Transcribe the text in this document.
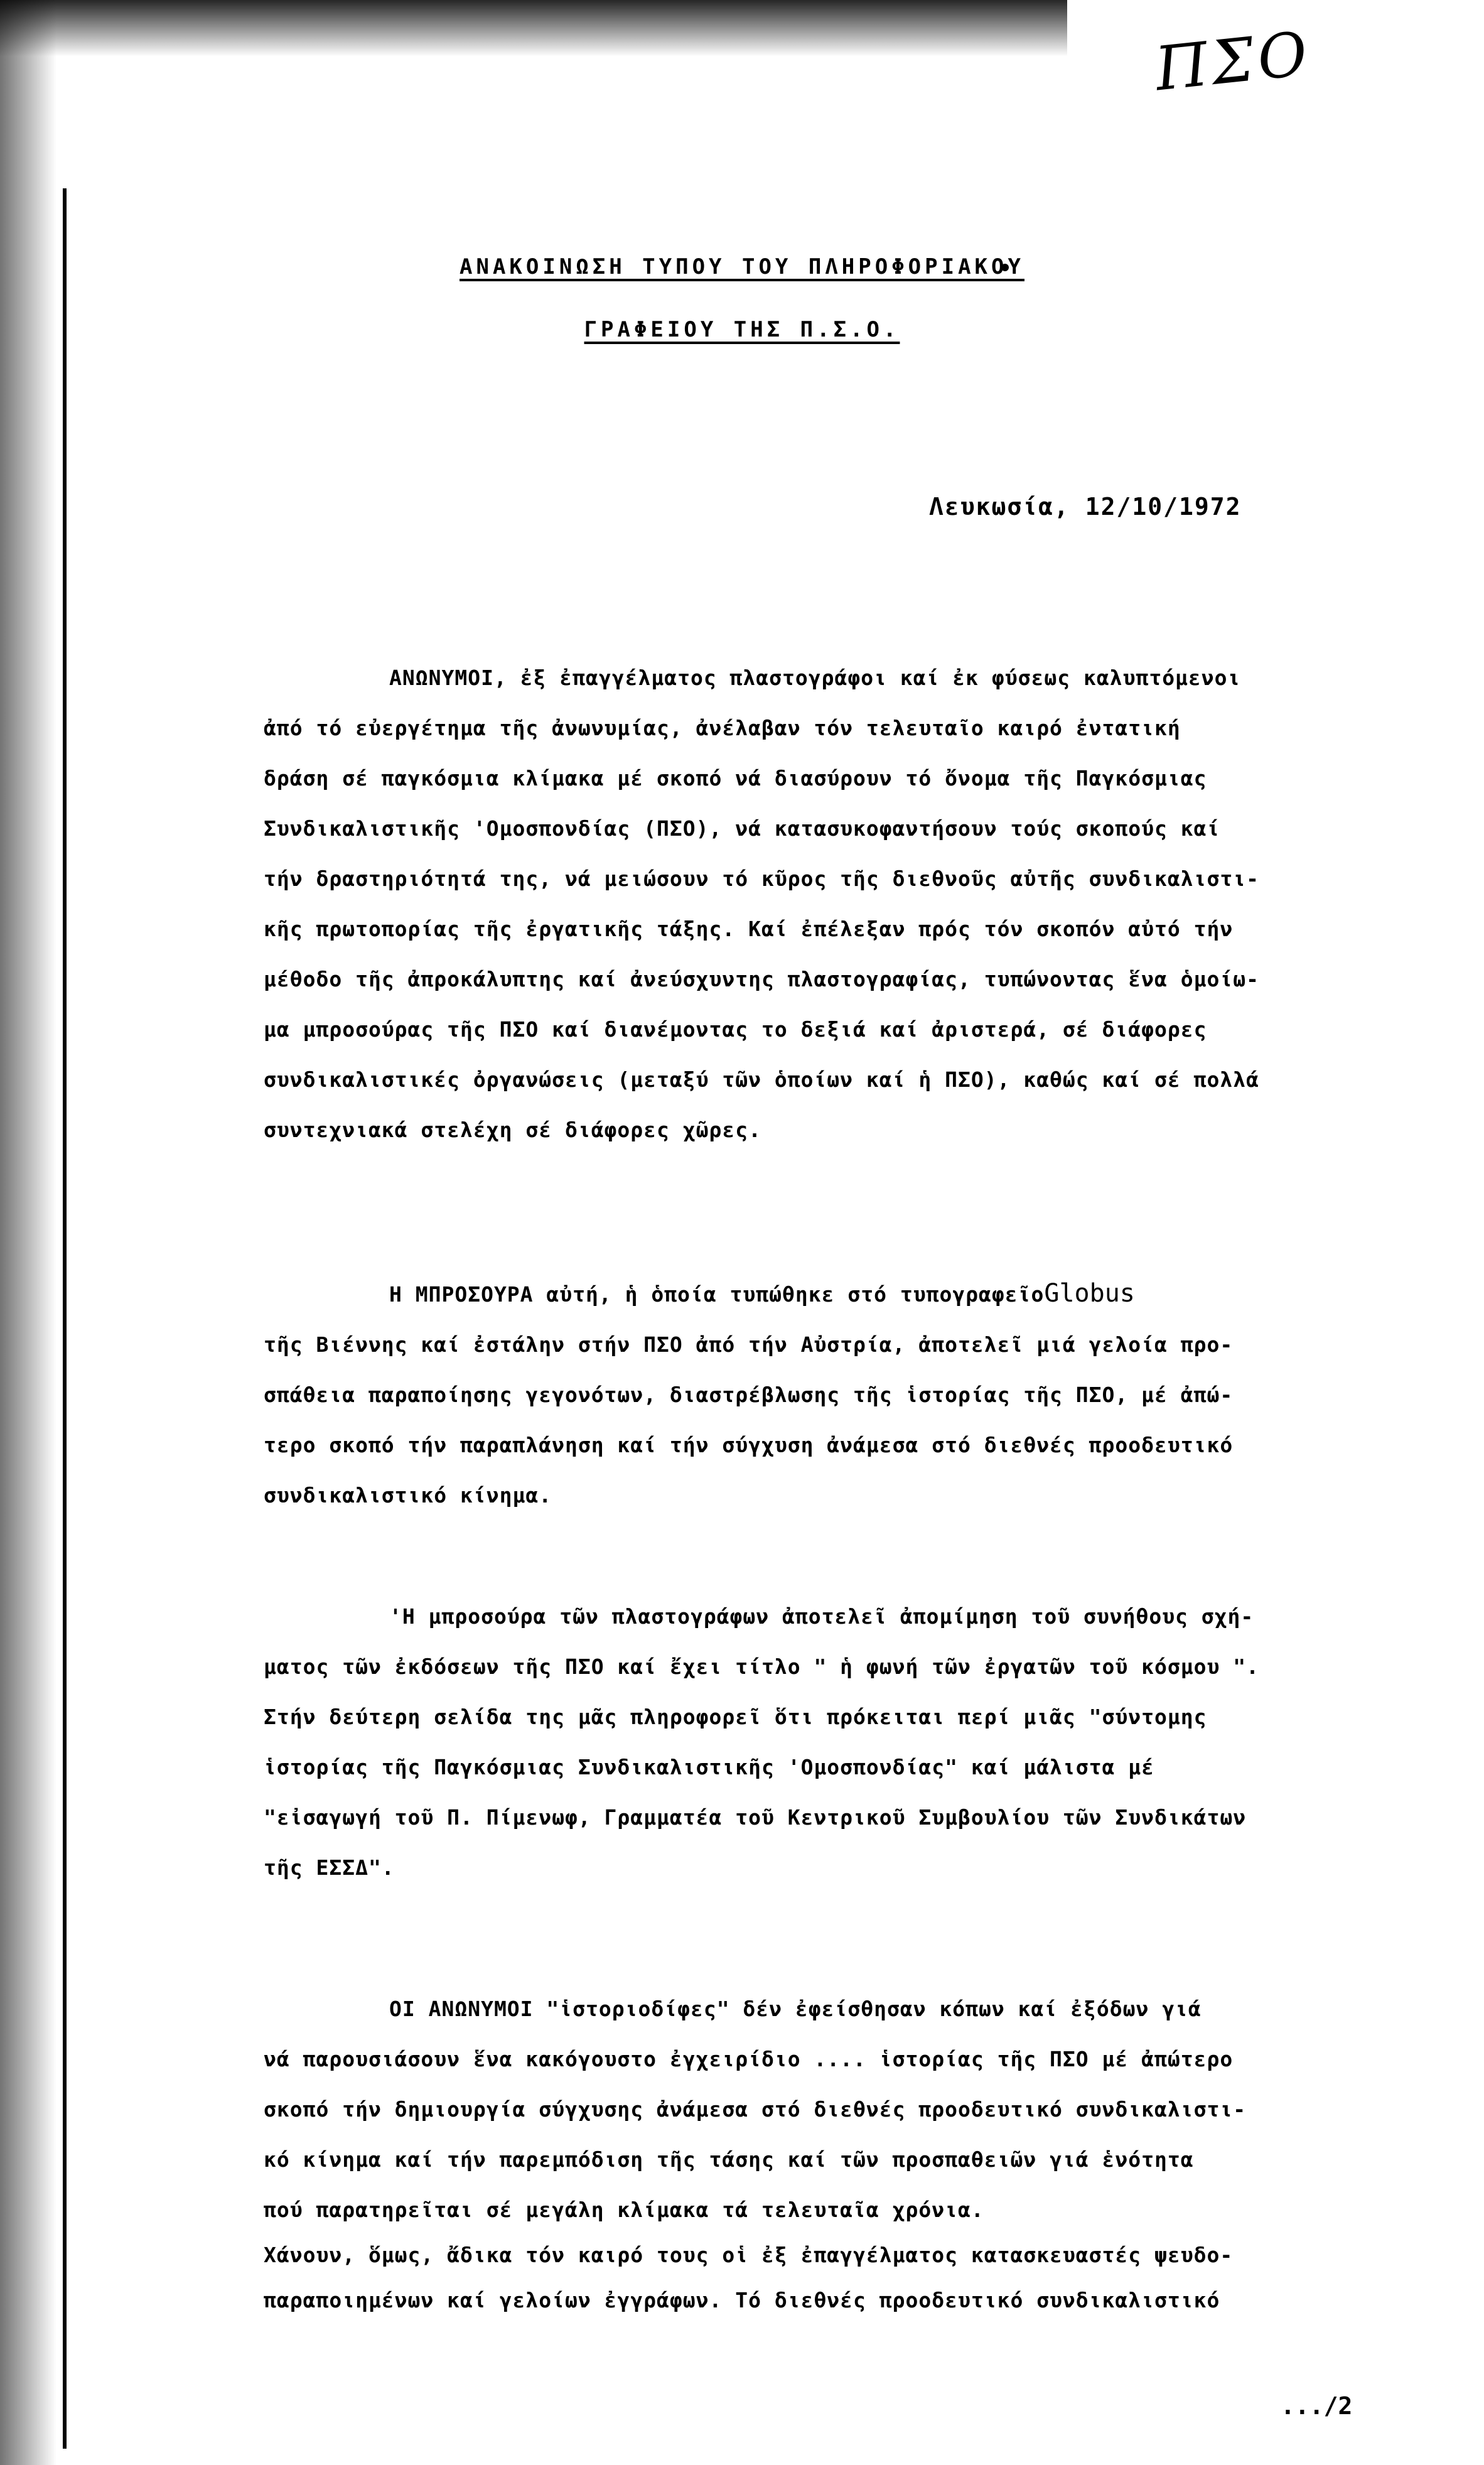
ΠΣΟ
ΑΝΑΚΟΙΝΩΣΗ ΤΥΠΟΥ ΤΟΥ ΠΛΗΡΟΦΟΡΙΑΚΟΥ
ΓΡΑΦΕΙΟΥ ΤΗΣ Π.Σ.Ο.
Λευκωσία, 12/10/1972
ΑΝΩΝΥΜΟΙ, ἐξ ἐπαγγέλματος πλαστογράφοι καί ἐκ φύσεως καλυπτόμενοι
ἀπό τό εὐεργέτημα τῆς ἀνωνυμίας, ἀνέλαβαν τόν τελευταῖο καιρό ἐντατική
δράση σέ παγκόσμια κλίμακα μέ σκοπό νά διασύρουν τό ὄνομα τῆς Παγκόσμιας
Συνδικαλιστικῆς 'Ομοσπονδίας (ΠΣΟ), νά κατασυκοφαντήσουν τούς σκοπούς καί
τήν δραστηριότητά της, νά μειώσουν τό κῦρος τῆς διεθνοῦς αὐτῆς συνδικαλιστι-
κῆς πρωτοπορίας τῆς ἐργατικῆς τάξης. Καί ἐπέλεξαν πρός τόν σκοπόν αὐτό τήν
μέθοδο τῆς ἀπροκάλυπτης καί ἀνεύσχυντης πλαστογραφίας, τυπώνοντας ἕνα ὁμοίω-
μα μπροσούρας τῆς ΠΣΟ καί διανέμοντας το δεξιά καί ἀριστερά, σέ διάφορες
συνδικαλιστικές ὀργανώσεις (μεταξύ τῶν ὁποίων καί ἡ ΠΣΟ), καθώς καί σέ πολλά
συντεχνιακά στελέχη σέ διάφορες χῶρες.
Η ΜΠΡΟΣΟΥΡΑ αὐτή, ἡ ὁποία τυπώθηκε στό τυπογραφεῖοGlobus
τῆς Βιέννης καί ἐστάλην στήν ΠΣΟ ἀπό τήν Αὐστρία, ἀποτελεῖ μιά γελοία προ-
σπάθεια παραποίησης γεγονότων, διαστρέβλωσης τῆς ἱστορίας τῆς ΠΣΟ, μέ ἀπώ-
τερο σκοπό τήν παραπλάνηση καί τήν σύγχυση ἀνάμεσα στό διεθνές προοδευτικό
συνδικαλιστικό κίνημα.
'Η μπροσούρα τῶν πλαστογράφων ἀποτελεῖ ἀπομίμηση τοῦ συνήθους σχή-
ματος τῶν ἐκδόσεων τῆς ΠΣΟ καί ἔχει τίτλο " ἡ φωνή τῶν ἐργατῶν τοῦ κόσμου ".
Στήν δεύτερη σελίδα της μᾶς πληροφορεῖ ὅτι πρόκειται περί μιᾶς "σύντομης
ἱστορίας τῆς Παγκόσμιας Συνδικαλιστικῆς 'Ομοσπονδίας" καί μάλιστα μέ
"εἰσαγωγή τοῦ Π. Πίμενωφ, Γραμματέα τοῦ Κεντρικοῦ Συμβουλίου τῶν Συνδικάτων
τῆς ΕΣΣΔ".
ΟΙ ΑΝΩΝΥΜΟΙ "ἱστοριοδίφες" δέν ἐφείσθησαν κόπων καί ἐξόδων γιά
νά παρουσιάσουν ἕνα κακόγουστο ἐγχειρίδιο .... ἱστορίας τῆς ΠΣΟ μέ ἀπώτερο
σκοπό τήν δημιουργία σύγχυσης ἀνάμεσα στό διεθνές προοδευτικό συνδικαλιστι-
κό κίνημα καί τήν παρεμπόδιση τῆς τάσης καί τῶν προσπαθειῶν γιά ἑνότητα
πού παρατηρεῖται σέ μεγάλη κλίμακα τά τελευταῖα χρόνια.
Χάνουν, ὅμως, ἄδικα τόν καιρό τους οἱ ἐξ ἐπαγγέλματος κατασκευαστές ψευδο-
παραποιημένων καί γελοίων ἐγγράφων. Τό διεθνές προοδευτικό συνδικαλιστικό
.../2
